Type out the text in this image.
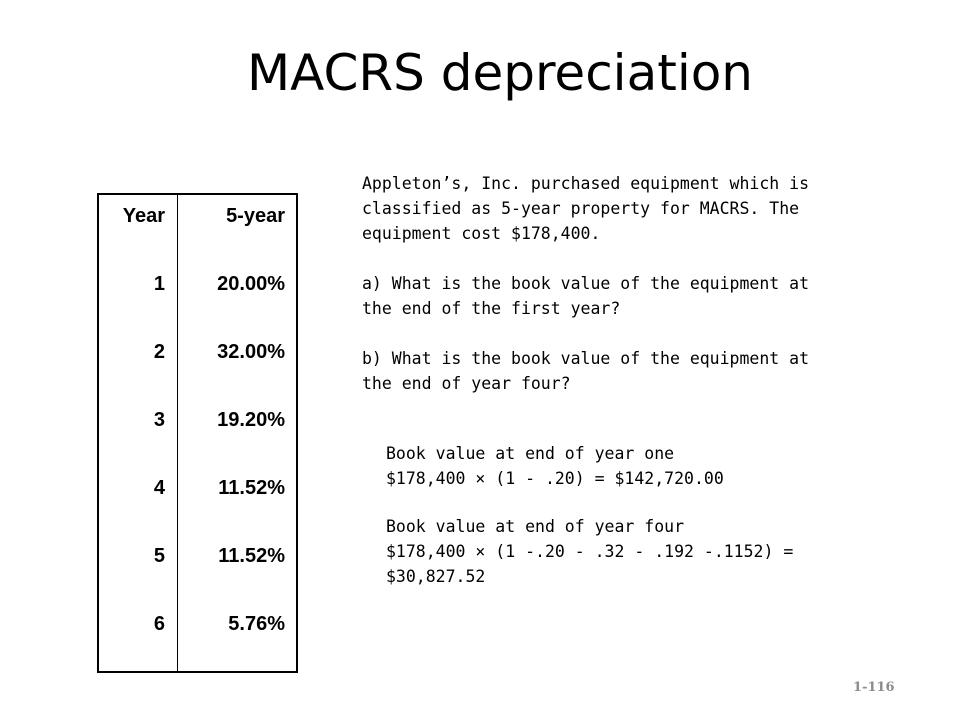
MACRS depreciation
Year	5-year
1	20.00%
2	32.00%
3	19.20%
4	11.52%
5	11.52%
6	5.76%

Appleton’s, Inc. purchased equipment which is

classified as 5-year property for MACRS. The

equipment cost $178,400.

a) What is the book value of the equipment at

the end of the first year?

b) What is the book value of the equipment at

the end of year four?

Book value at end of year one

$178,400 × (1 - .20) = $142,720.00

Book value at end of year four

$178,400 × (1 -.20 - .32 - .192 -.1152) =

$30,827.52

1-116
